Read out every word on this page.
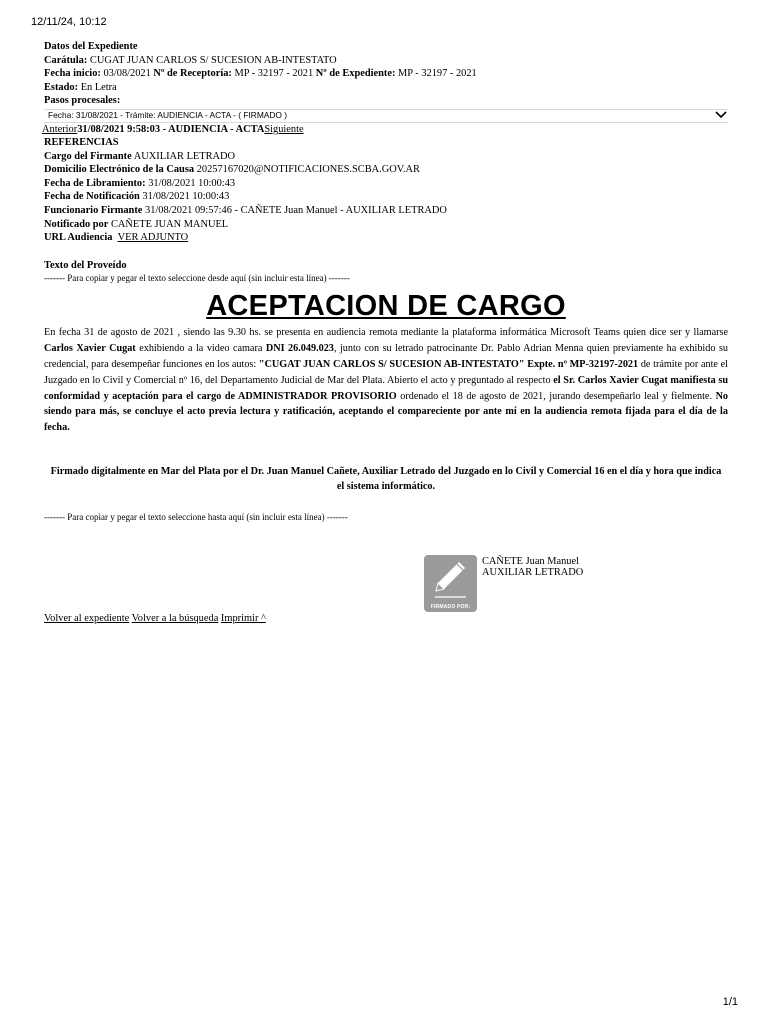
12/11/24, 10:12
Datos del Expediente
Carátula: CUGAT JUAN CARLOS S/ SUCESION AB-INTESTATO
Fecha inicio: 03/08/2021 Nº de Receptoría: MP - 32197 - 2021 Nº de Expediente: MP - 32197 - 2021
Estado: En Letra
Pasos procesales:
Fecha: 31/08/2021 - Trámite: AUDIENCIA - ACTA - ( FIRMADO )
Anterior31/08/2021 9:58:03 - AUDIENCIA - ACTASiguiente
REFERENCIAS
Cargo del Firmante AUXILIAR LETRADO
Domicilio Electrónico de la Causa 20257167020@NOTIFICACIONES.SCBA.GOV.AR
Fecha de Libramiento: 31/08/2021 10:00:43
Fecha de Notificación 31/08/2021 10:00:43
Funcionario Firmante 31/08/2021 09:57:46 - CAÑETE Juan Manuel - AUXILIAR LETRADO
Notificado por CAÑETE JUAN MANUEL
URL Audiencia VER ADJUNTO
Texto del Proveído
------- Para copiar y pegar el texto seleccione desde aquí (sin incluir esta línea) -------
ACEPTACION DE CARGO
En fecha 31 de agosto de 2021 , siendo las 9.30 hs. se presenta en audiencia remota mediante la plataforma informática Microsoft Teams quien dice ser y llamarse Carlos Xavier Cugat exhibiendo a la video camara DNI 26.049.023, junto con su letrado patrocinante Dr. Pablo Adrian Menna quien previamente ha exhibido su credencial, para desempeñar funciones en los autos: "CUGAT JUAN CARLOS S/ SUCESION AB-INTESTATO" Expte. nº MP-32197-2021 de trámite por ante el Juzgado en lo Civil y Comercial nº 16, del Departamento Judicial de Mar del Plata. Abierto el acto y preguntado al respecto el Sr. Carlos Xavier Cugat manifiesta su conformidad y aceptación para el cargo de ADMINISTRADOR PROVISORIO ordenado el 18 de agosto de 2021, jurando desempeñarlo leal y fielmente. No siendo para más, se concluye el acto previa lectura y ratificación, aceptando el compareciente por ante mí en la audiencia remota fijada para el día de la fecha.
Firmado digitalmente en Mar del Plata por el Dr. Juan Manuel Cañete, Auxiliar Letrado del Juzgado en lo Civil y Comercial 16 en el día y hora que indica el sistema informático.
------- Para copiar y pegar el texto seleccione hasta aquí (sin incluir esta línea) -------
FIRMADO POR:
CAÑETE Juan Manuel
AUXILIAR LETRADO
Volver al expediente Volver a la búsqueda Imprimir ^
1/1
